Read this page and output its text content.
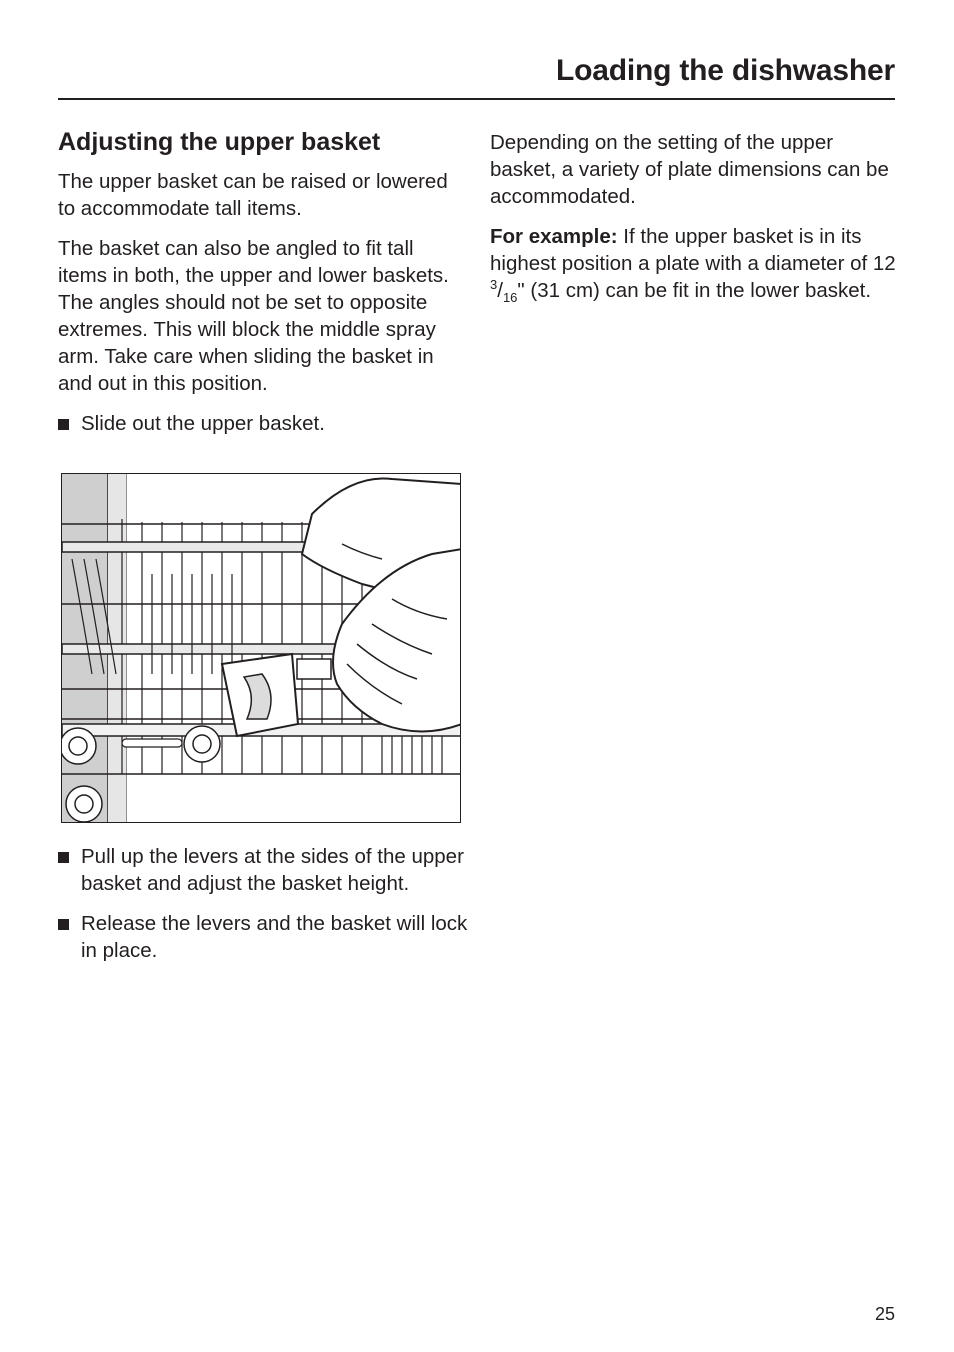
Loading the dishwasher
Adjusting the upper basket

The upper basket can be raised or lowered to accommodate tall items.

The basket can also be angled to fit tall items in both, the upper and lower baskets. The angles should not be set to opposite extremes. This will block the middle spray arm. Take care when sliding the basket in and out in this position.

Slide out the upper basket.
Pull up the levers at the sides of the upper basket and adjust the basket height.
Release the levers and the basket will lock in place.

Depending on the setting of the upper basket, a variety of plate dimensions can be accommodated.

For example: If the upper basket is in its highest position a plate with a diameter of 12 $^3/_{16}$" (31 cm) can be fit in the lower basket.

25
